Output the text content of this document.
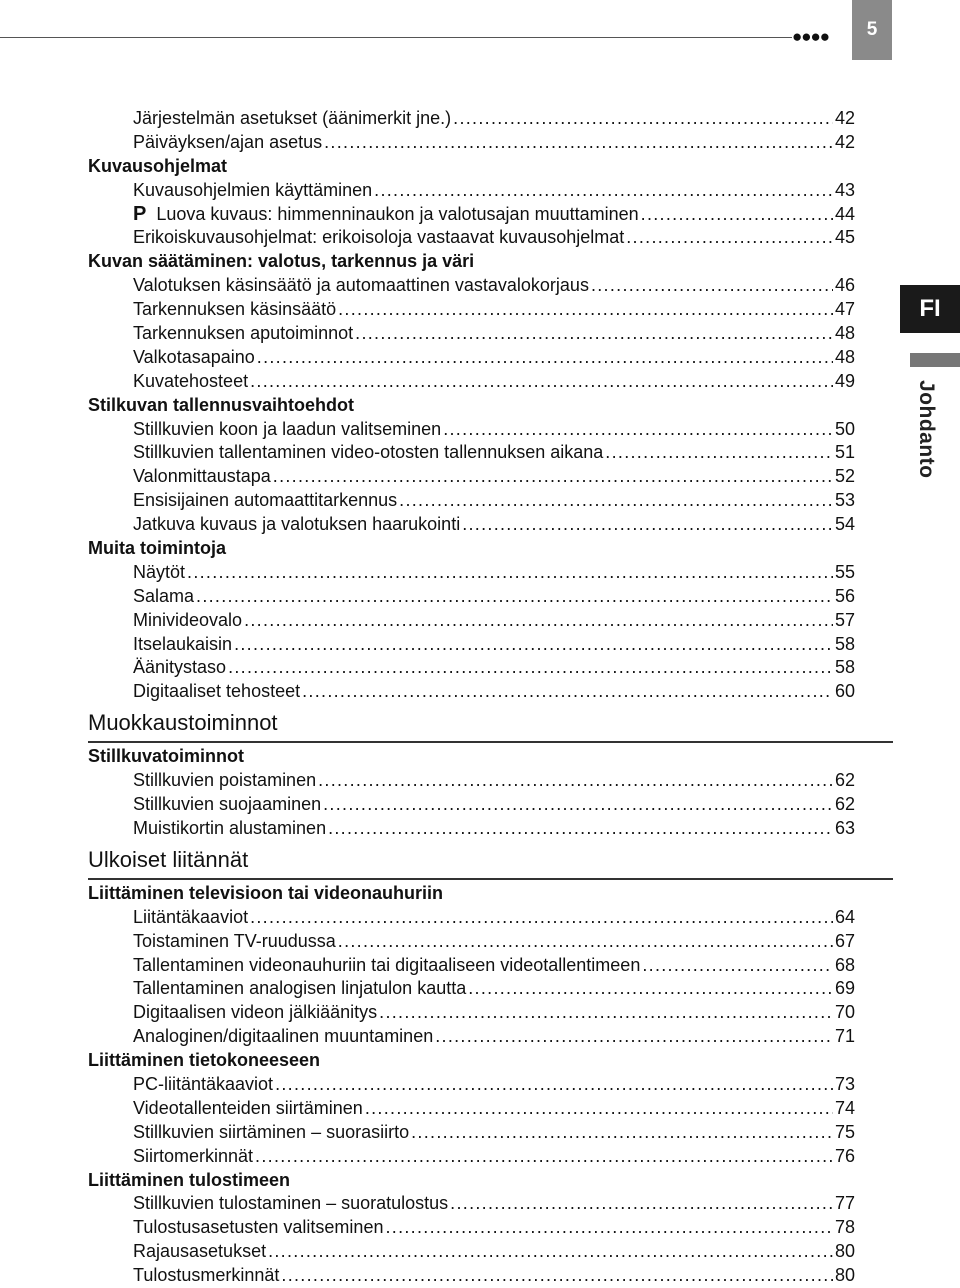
●●●●	5
FI
Johdanto
Järjestelmän asetukset (äänimerkit jne.) .....	42
Päiväyksen/ajan asetus .....	42
Kuvausohjelmat
Kuvausohjelmien käyttäminen .....	43
P Luova kuvaus: himmenninaukon ja valotusajan muuttaminen .....	44
Erikoiskuvausohjelmat: erikoisoloja vastaavat kuvausohjelmat .....	45
Kuvan säätäminen: valotus, tarkennus ja väri
Valotuksen käsinsäätö ja automaattinen vastavalokorjaus .....	46
Tarkennuksen käsinsäätö .....	47
Tarkennuksen aputoiminnot .....	48
Valkotasapaino .....	48
Kuvatehosteet .....	49
Stilkuvan tallennusvaihtoehdot
Stillkuvien koon ja laadun valitseminen .....	50
Stillkuvien tallentaminen video-otosten tallennuksen aikana .....	51
Valonmittaustapa .....	52
Ensisijainen automaattitarkennus .....	53
Jatkuva kuvaus ja valotuksen haarukointi .....	54
Muita toimintoja
Näytöt .....	55
Salama .....	56
Minivideovalo .....	57
Itselaukaisin .....	58
Äänitystaso .....	58
Digitaaliset tehosteet .....	60
Muokkaustoiminnot
Stillkuvatoiminnot
Stillkuvien poistaminen .....	62
Stillkuvien suojaaminen .....	62
Muistikortin alustaminen .....	63
Ulkoiset liitännät
Liittäminen televisioon tai videonauhuriin
Liitäntäkaaviot .....	64
Toistaminen TV-ruudussa .....	67
Tallentaminen videonauhuriin tai digitaaliseen videotallentimeen .....	68
Tallentaminen analogisen linjatulon kautta .....	69
Digitaalisen videon jälkiäänitys .....	70
Analoginen/digitaalinen muuntaminen .....	71
Liittäminen tietokoneeseen
PC-liitäntäkaaviot .....	73
Videotallenteiden siirtäminen .....	74
Stillkuvien siirtäminen – suorasiirto .....	75
Siirtomerkinnät .....	76
Liittäminen tulostimeen
Stillkuvien tulostaminen – suoratulostus .....	77
Tulostusasetusten valitseminen .....	78
Rajausasetukset .....	80
Tulostusmerkinnät .....	80
